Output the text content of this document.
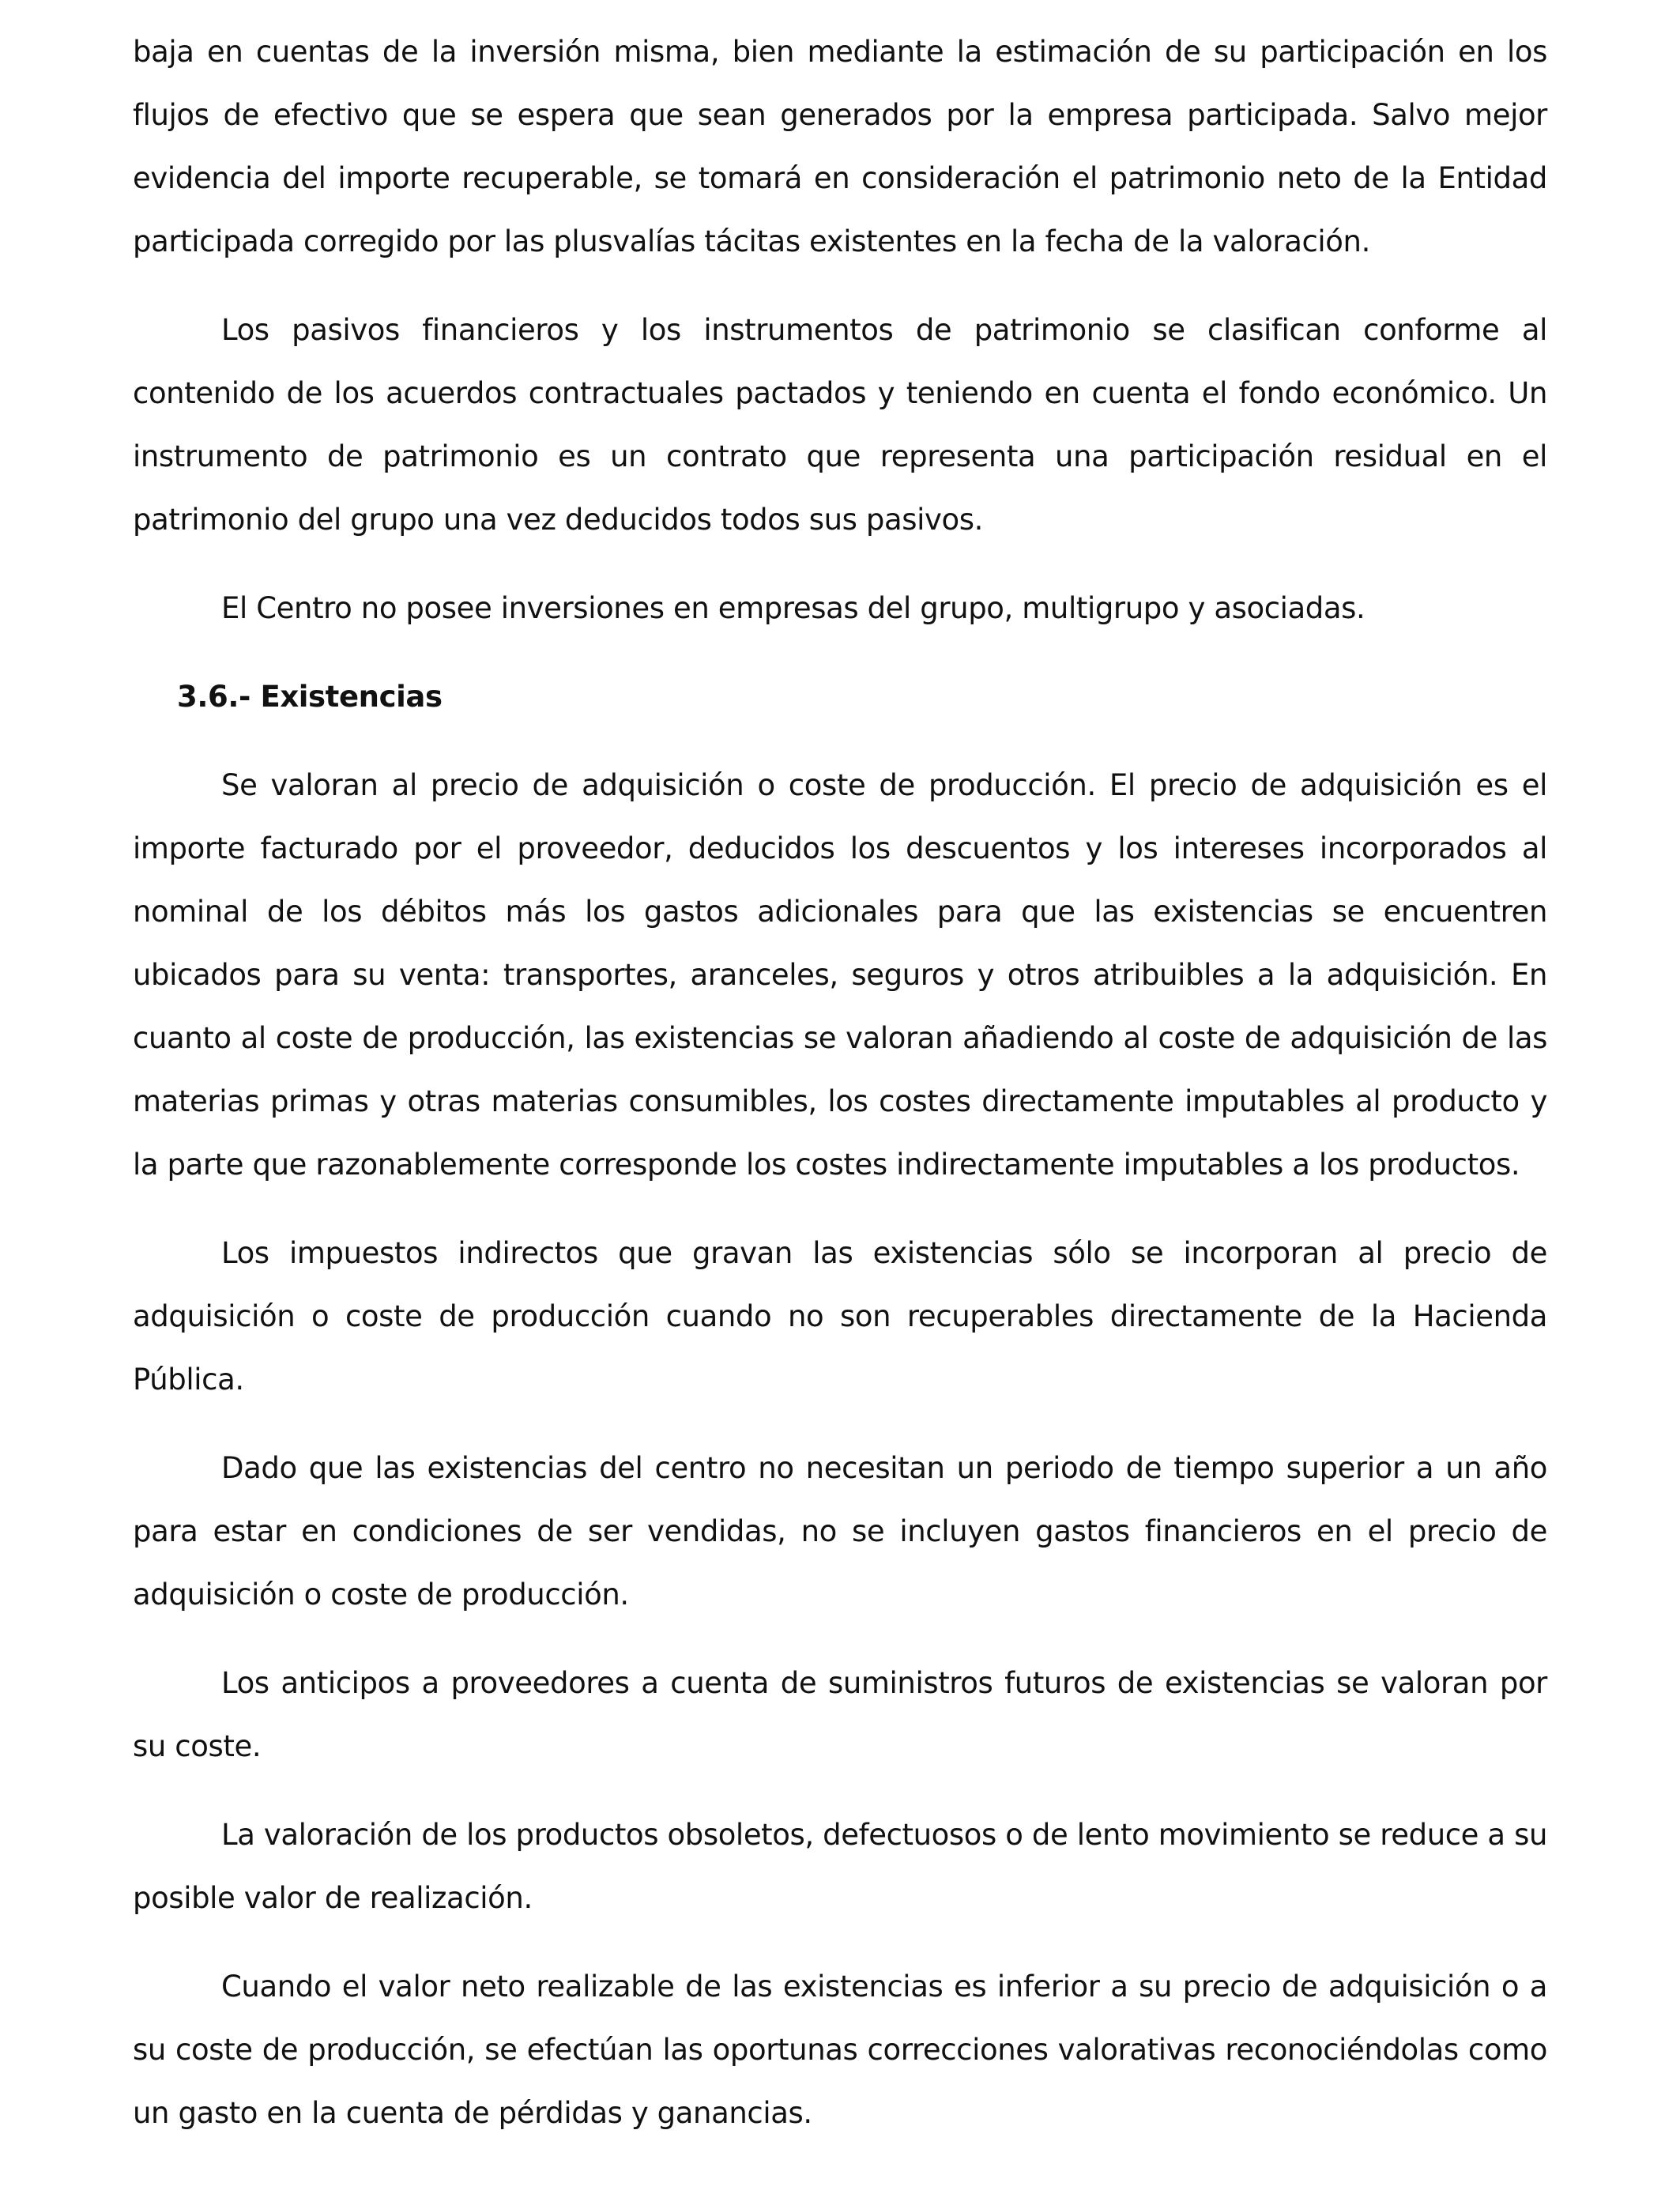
baja en cuentas de la inversión misma, bien mediante la estimación de su participación en los flujos de efectivo que se espera que sean generados por la empresa participada. Salvo mejor evidencia del importe recuperable, se tomará en consideración el patrimonio neto de la Entidad participada corregido por las plusvalías tácitas existentes en la fecha de la valoración.

Los pasivos financieros y los instrumentos de patrimonio se clasifican conforme al contenido de los acuerdos contractuales pactados y teniendo en cuenta el fondo económico. Un instrumento de patrimonio es un contrato que representa una participación residual en el patrimonio del grupo una vez deducidos todos sus pasivos.

El Centro no posee inversiones en empresas del grupo, multigrupo y asociadas.

3.6.- Existencias

Se valoran al precio de adquisición o coste de producción. El precio de adquisición es el importe facturado por el proveedor, deducidos los descuentos y los intereses incorporados al nominal de los débitos más los gastos adicionales para que las existencias se encuentren ubicados para su venta: transportes, aranceles, seguros y otros atribuibles a la adquisición. En cuanto al coste de producción, las existencias se valoran añadiendo al coste de adquisición de las materias primas y otras materias consumibles, los costes directamente imputables al producto y la parte que razonablemente corresponde los costes indirectamente imputables a los productos.

Los impuestos indirectos que gravan las existencias sólo se incorporan al precio de adquisición o coste de producción cuando no son recuperables directamente de la Hacienda Pública.

Dado que las existencias del centro no necesitan un periodo de tiempo superior a un año para estar en condiciones de ser vendidas, no se incluyen gastos financieros en el precio de adquisición o coste de producción.

Los anticipos a proveedores a cuenta de suministros futuros de existencias se valoran por su coste.

La valoración de los productos obsoletos, defectuosos o de lento movimiento se reduce a su posible valor de realización.

Cuando el valor neto realizable de las existencias es inferior a su precio de adquisición o a su coste de producción, se efectúan las oportunas correcciones valorativas reconociéndolas como un gasto en la cuenta de pérdidas y ganancias.
